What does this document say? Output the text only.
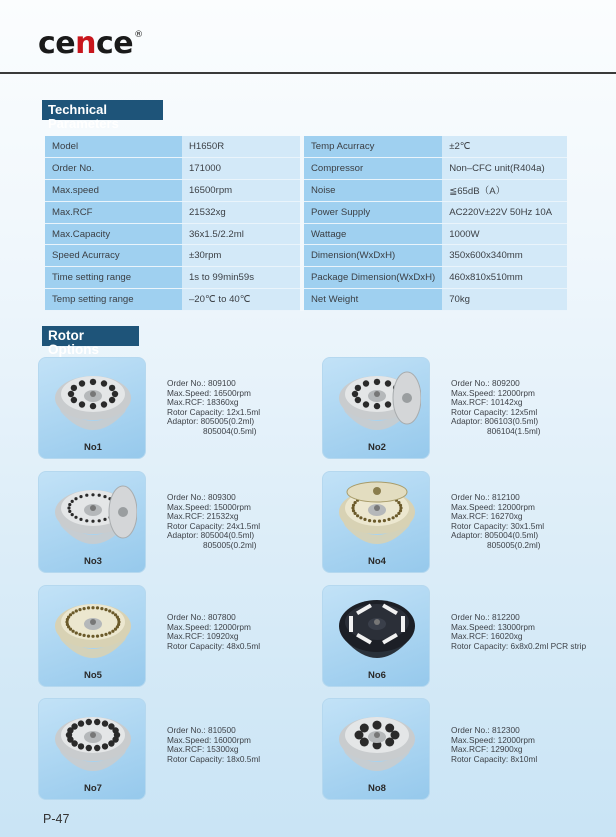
cence®
Technical Parameters
Model	H1650R	Temp Acurracy	±2℃
Order No.	171000	Compressor	Non–CFC unit(R404a)
Max.speed	16500rpm	Noise	≦65dB（A）
Max.RCF	21532xg	Power Supply	AC220V±22V 50Hz 10A
Max.Capacity	36x1.5/2.2ml	Wattage	1000W
Speed Acurracy	±30rpm	Dimension(WxDxH)	350x600x340mm
Time setting range	1s to 99min59s	Package Dimension(WxDxH)	460x810x510mm
Temp setting range	–20℃ to 40℃	Net Weight	70kg
Rotor Options
No1
Order No.: 809100
Max.Speed: 16500rpm
Max.RCF: 18360xg
Rotor Capacity: 12x1.5ml
Adaptor: 805005(0.2ml)
805004(0.5ml)
No2
Order No.: 809200
Max.Speed: 12000rpm
Max.RCF: 10142xg
Rotor Capacity: 12x5ml
Adaptor: 806103(0.5ml)
806104(1.5ml)
No3
Order No.: 809300
Max.Speed: 15000rpm
Max.RCF: 21532xg
Rotor Capacity: 24x1.5ml
Adaptor: 805004(0.5ml)
805005(0.2ml)
No4
Order No.: 812100
Max.Speed: 12000rpm
Max.RCF: 16270xg
Rotor Capacity: 30x1.5ml
Adaptor: 805004(0.5ml)
805005(0.2ml)
No5
Order No.: 807800
Max.Speed: 12000rpm
Max.RCF: 10920xg
Rotor Capacity: 48x0.5ml
No6
Order No.: 812200
Max.Speed: 13000rpm
Max.RCF: 16020xg
Rotor Capacity: 6x8x0.2ml PCR strip
No7
Order No.: 810500
Max.Speed: 16000rpm
Max.RCF: 15300xg
Rotor Capacity: 18x0.5ml
No8
Order No.: 812300
Max.Speed: 12000rpm
Max.RCF: 12900xg
Rotor Capacity: 8x10ml
P-47
